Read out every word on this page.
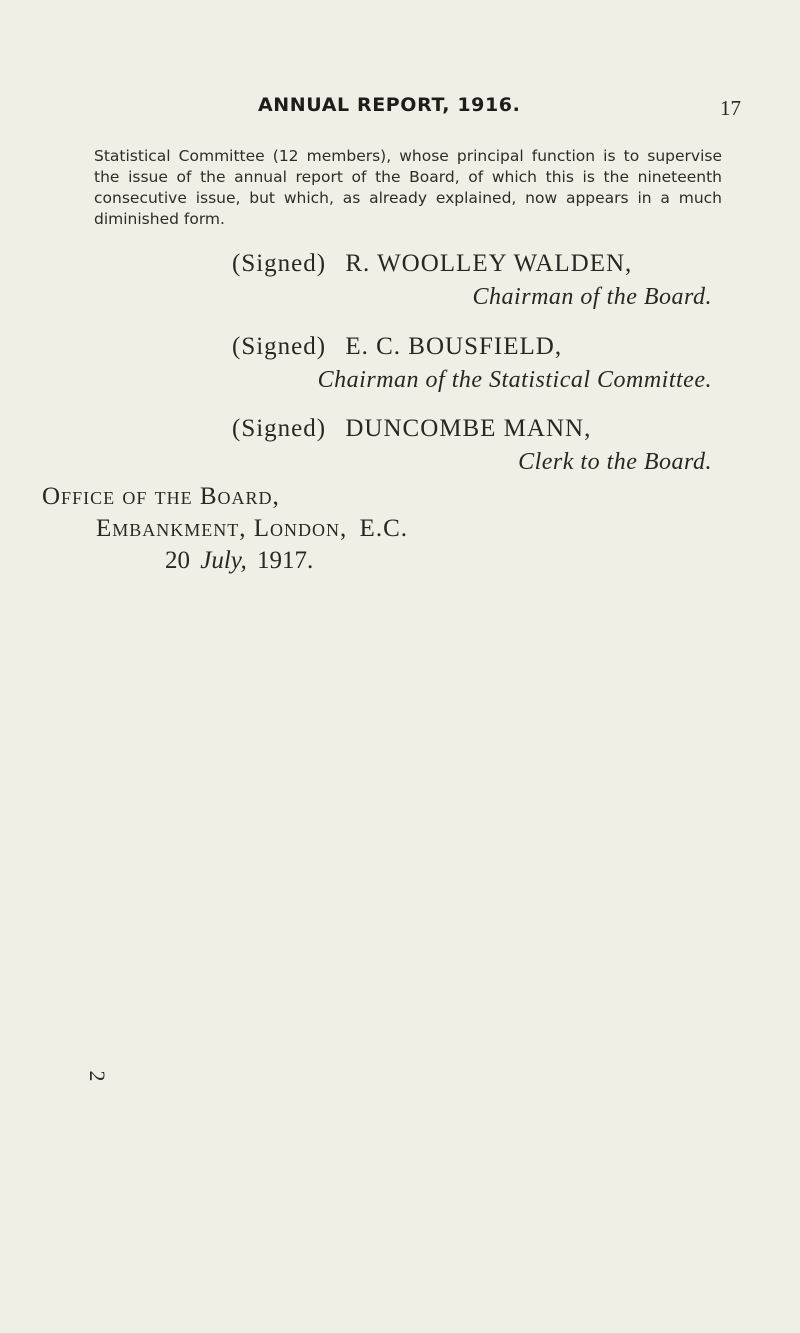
ANNUAL REPORT, 1916.	17

Statistical Committee (12 members), whose principal function is to supervise the issue of the annual report of the Board, of which this is the nineteenth consecutive issue, but which, as already explained, now appears in a much diminished form.

(Signed) R. WOOLLEY WALDEN,
Chairman of the Board.
(Signed) E. C. BOUSFIELD,
Chairman of the Statistical Committee.
(Signed) DUNCOMBE MANN,
Clerk to the Board.
Office of the Board,
Embankment, London, E.C.
20 July, 1917.
2
